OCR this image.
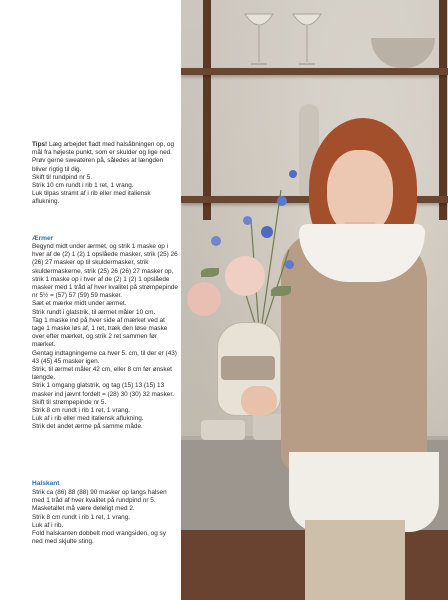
Tips! Læg arbejdet fladt med halsåbningen op, og mål fra højeste punkt, som er skulder og lige ned.
Prøv gerne sweateren på, således at længden bliver rigtig til dig.
Skift til rundpind nr 5.
Strik 10 cm rundt i rib 1 ret, 1 vrang.
Luk tilpas stramt af i rib eller med italiensk aflukning.
Ærmer
Begynd midt under ærmet, og strik 1 maske op i hver af de (2) 1 (2) 1 opslåede masker, strik (25) 26 (26) 27 masker op til skuldermasker, strik skuldermaskerne, strik (25) 26 (26) 27 masker op, strik 1 maske op i hver af de (2) 1 (2) 1 opslåede masker med 1 tråd af hver kvalitet på strømpepinde nr 5½ = (57) 57 (59) 59 masker.
Sæt et mærke midt under ærmet.
Strik rundt i glatstrik, til ærmet måler 10 cm.
Tag 1 maske ind på hver side af mærket ved at tage 1 maske løs af, 1 ret, træk den løse maske over efter mærket, og strik 2 ret sammen før mærket.
Gentag indtagningerne ca hver 5. cm, til der er (43) 43 (45) 45 masker igen.
Strik, til ærmet måler 42 cm, eller 8 cm før ønsket længde.
Strik 1 omgang glatstrik, og tag (15) 13 (15) 13 masker ind jævnt fordelt = (28) 30 (30) 32 masker.
Skift til strømpepinde nr 5.
Strik 8 cm rundt i rib 1 ret, 1 vrang.
Luk af i rib eller med italiensk aflukning.
Strik det andet ærme på samme måde.
Halskant
Strik ca (86) 88 (88) 90 masker op langs halsen med 1 tråd af hver kvalitet på rundpind nr 5.
Masketallet må være deleligt med 2.
Strik 8 cm rundt i rib 1 ret, 1 vrang.
Luk af i rib.
Fold halskanten dobbelt mod vrangsiden, og sy ned med skjulte sting.
